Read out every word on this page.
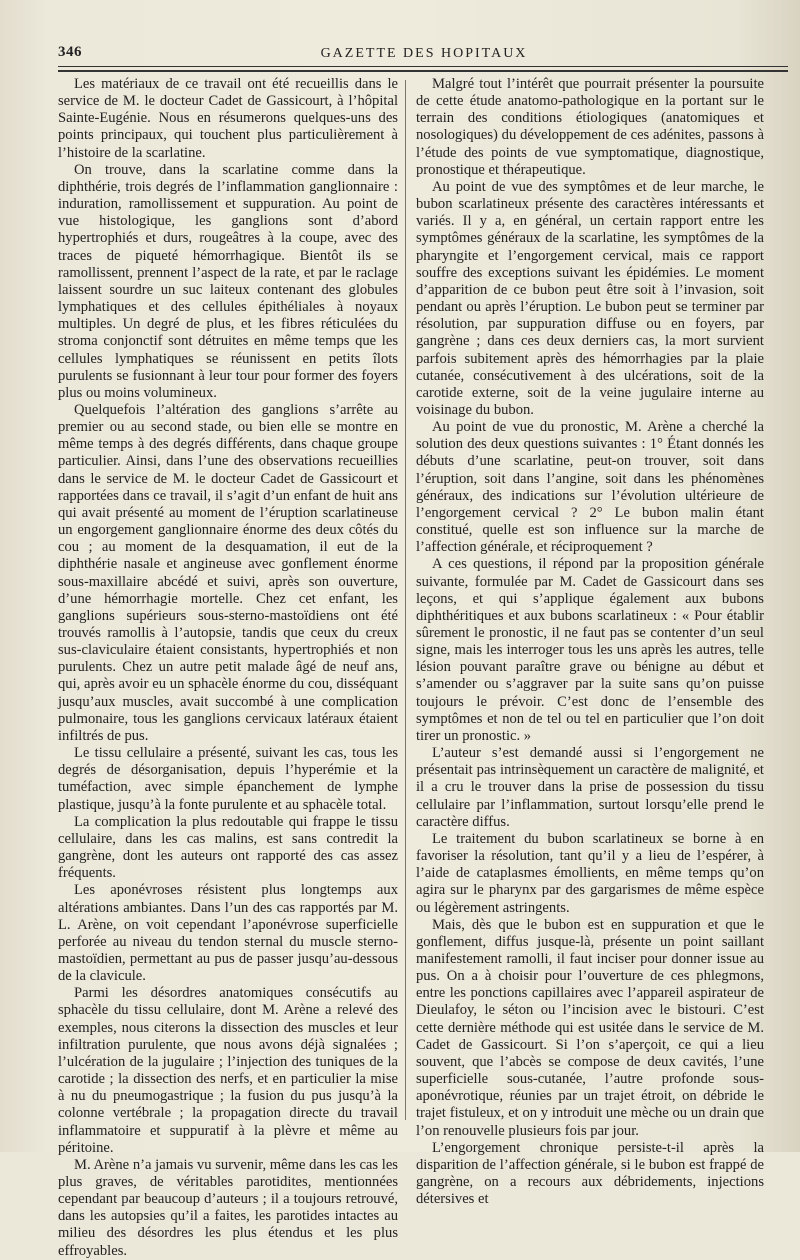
346	GAZETTE DES HOPITAUX

Les matériaux de ce travail ont été recueillis dans le service de M. le docteur Cadet de Gassicourt, à l’hôpital Sainte-Eugénie. Nous en résumerons quelques-uns des points principaux, qui touchent plus particulièrement à l’histoire de la scarlatine.

On trouve, dans la scarlatine comme dans la diphthérie, trois degrés de l’inflammation ganglionnaire : induration, ramollissement et suppuration. Au point de vue histologique, les ganglions sont d’abord hypertrophiés et durs, rougeâtres à la coupe, avec des traces de piqueté hémorrhagique. Bientôt ils se ramollissent, prennent l’aspect de la rate, et par le raclage laissent sourdre un suc laiteux contenant des globules lymphatiques et des cellules épithéliales à noyaux multiples. Un degré de plus, et les fibres réticulées du stroma conjonctif sont détruites en même temps que les cellules lymphatiques se réunissent en petits îlots purulents se fusionnant à leur tour pour former des foyers plus ou moins volumineux.

Quelquefois l’altération des ganglions s’arrête au premier ou au second stade, ou bien elle se montre en même temps à des degrés différents, dans chaque groupe particulier. Ainsi, dans l’une des observations recueillies dans le service de M. le docteur Cadet de Gassicourt et rapportées dans ce travail, il s’agit d’un enfant de huit ans qui avait présenté au moment de l’éruption scarlatineuse un engorgement ganglionnaire énorme des deux côtés du cou ; au moment de la desquamation, il eut de la diphthérie nasale et angineuse avec gonflement énorme sous-maxillaire abcédé et suivi, après son ouverture, d’une hémorrhagie mortelle. Chez cet enfant, les ganglions supérieurs sous-sterno-mastoïdiens ont été trouvés ramollis à l’autopsie, tandis que ceux du creux sus-claviculaire étaient consistants, hypertrophiés et non purulents. Chez un autre petit malade âgé de neuf ans, qui, après avoir eu un sphacèle énorme du cou, disséquant jusqu’aux muscles, avait succombé à une complication pulmonaire, tous les ganglions cervicaux latéraux étaient infiltrés de pus.

Le tissu cellulaire a présenté, suivant les cas, tous les degrés de désorganisation, depuis l’hyperémie et la tuméfaction, avec simple épanchement de lymphe plastique, jusqu’à la fonte purulente et au sphacèle total.

La complication la plus redoutable qui frappe le tissu cellulaire, dans les cas malins, est sans contredit la gangrène, dont les auteurs ont rapporté des cas assez fréquents.

Les aponévroses résistent plus longtemps aux altérations ambiantes. Dans l’un des cas rapportés par M. L. Arène, on voit cependant l’aponévrose superficielle perforée au niveau du tendon sternal du muscle sterno-mastoïdien, permettant au pus de passer jusqu’au-dessous de la clavicule.

Parmi les désordres anatomiques consécutifs au sphacèle du tissu cellulaire, dont M. Arène a relevé des exemples, nous citerons la dissection des muscles et leur infiltration purulente, que nous avons déjà signalées ; l’ulcération de la jugulaire ; l’injection des tuniques de la carotide ; la dissection des nerfs, et en particulier la mise à nu du pneumogastrique ; la fusion du pus jusqu’à la colonne vertébrale ; la propagation directe du travail inflammatoire et suppuratif à la plèvre et même au péritoine.

M. Arène n’a jamais vu survenir, même dans les cas les plus graves, de véritables parotidites, mentionnées cependant par beaucoup d’auteurs ; il a toujours retrouvé, dans les autopsies qu’il a faites, les parotides intactes au milieu des désordres les plus étendus et les plus effroyables.

Malgré tout l’intérêt que pourrait présenter la poursuite de cette étude anatomo-pathologique en la portant sur le terrain des conditions étiologiques (anatomiques et nosologiques) du développement de ces adénites, passons à l’étude des points de vue symptomatique, diagnostique, pronostique et thérapeutique.

Au point de vue des symptômes et de leur marche, le bubon scarlatineux présente des caractères intéressants et variés. Il y a, en général, un certain rapport entre les symptômes généraux de la scarlatine, les symptômes de la pharyngite et l’engorgement cervical, mais ce rapport souffre des exceptions suivant les épidémies. Le moment d’apparition de ce bubon peut être soit à l’invasion, soit pendant ou après l’éruption. Le bubon peut se terminer par résolution, par suppuration diffuse ou en foyers, par gangrène ; dans ces deux derniers cas, la mort survient parfois subitement après des hémorrhagies par la plaie cutanée, consécutivement à des ulcérations, soit de la carotide externe, soit de la veine jugulaire interne au voisinage du bubon.

Au point de vue du pronostic, M. Arène a cherché la solution des deux questions suivantes : 1° Étant donnés les débuts d’une scarlatine, peut-on trouver, soit dans l’éruption, soit dans l’angine, soit dans les phénomènes généraux, des indications sur l’évolution ultérieure de l’engorgement cervical ? 2° Le bubon malin étant constitué, quelle est son influence sur la marche de l’affection générale, et réciproquement ?

A ces questions, il répond par la proposition générale suivante, formulée par M. Cadet de Gassicourt dans ses leçons, et qui s’applique également aux bubons diphthéritiques et aux bubons scarlatineux : « Pour établir sûrement le pronostic, il ne faut pas se contenter d’un seul signe, mais les interroger tous les uns après les autres, telle lésion pouvant paraître grave ou bénigne au début et s’amender ou s’aggraver par la suite sans qu’on puisse toujours le prévoir. C’est donc de l’ensemble des symptômes et non de tel ou tel en particulier que l’on doit tirer un pronostic. »

L’auteur s’est demandé aussi si l’engorgement ne présentait pas intrinsèquement un caractère de malignité, et il a cru le trouver dans la prise de possession du tissu cellulaire par l’inflammation, surtout lorsqu’elle prend le caractère diffus.

Le traitement du bubon scarlatineux se borne à en favoriser la résolution, tant qu’il y a lieu de l’espérer, à l’aide de cataplasmes émollients, en même temps qu’on agira sur le pharynx par des gargarismes de même espèce ou légèrement astringents.

Mais, dès que le bubon est en suppuration et que le gonflement, diffus jusque-là, présente un point saillant manifestement ramolli, il faut inciser pour donner issue au pus. On a à choisir pour l’ouverture de ces phlegmons, entre les ponctions capillaires avec l’appareil aspirateur de Dieulafoy, le séton ou l’incision avec le bistouri. C’est cette dernière méthode qui est usitée dans le service de M. Cadet de Gassicourt. Si l’on s’aperçoit, ce qui a lieu souvent, que l’abcès se compose de deux cavités, l’une superficielle sous-cutanée, l’autre profonde sous-aponévrotique, réunies par un trajet étroit, on débride le trajet fistuleux, et on y introduit une mèche ou un drain que l’on renouvelle plusieurs fois par jour.

L’engorgement chronique persiste-t-il après la disparition de l’affection générale, si le bubon est frappé de gangrène, on a recours aux débridements, injections détersives et
